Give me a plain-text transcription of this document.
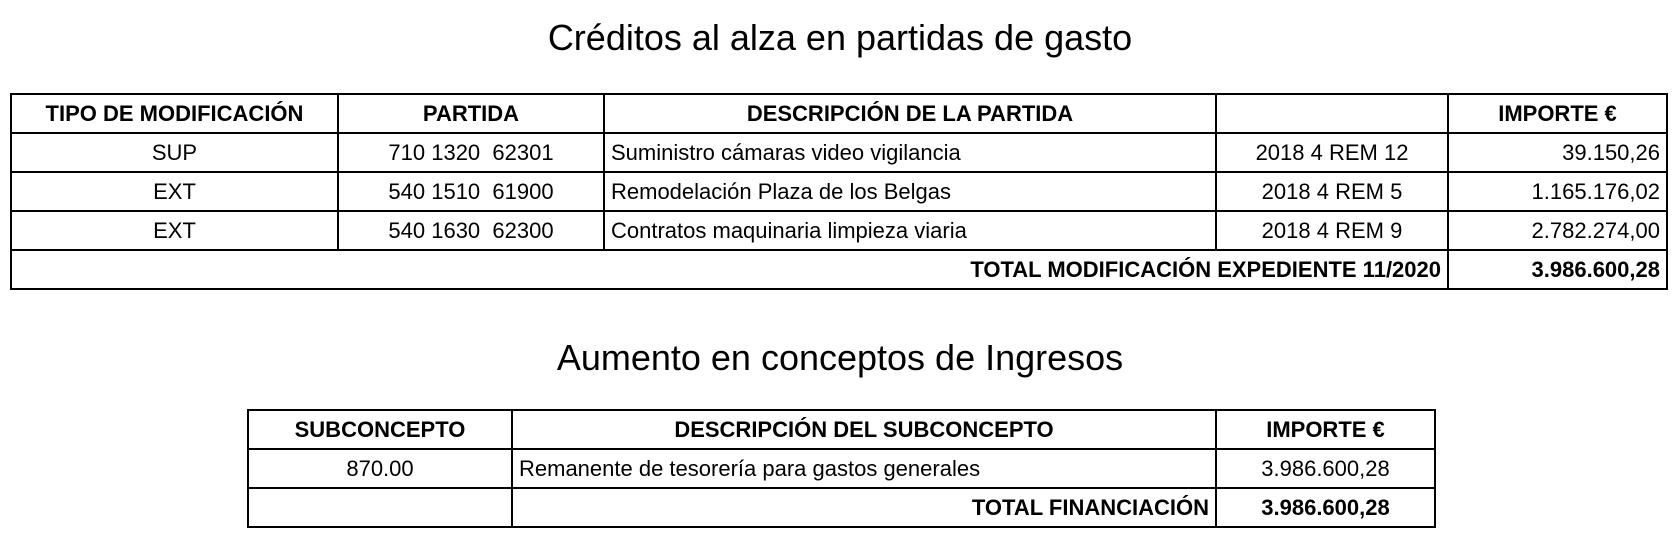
Créditos al alza en partidas de gasto
TIPO DE MODIFICACIÓN	PARTIDA	DESCRIPCIÓN DE LA PARTIDA		IMPORTE €
SUP	710 1320  62301	Suministro cámaras video vigilancia	2018 4 REM 12	39.150,26
EXT	540 1510  61900	Remodelación Plaza de los Belgas	2018 4 REM 5	1.165.176,02
EXT	540 1630  62300	Contratos maquinaria limpieza viaria	2018 4 REM 9	2.782.274,00
TOTAL MODIFICACIÓN EXPEDIENTE 11/2020				3.986.600,28
Aumento en conceptos de Ingresos
SUBCONCEPTO	DESCRIPCIÓN DEL SUBCONCEPTO	IMPORTE €
870.00	Remanente de tesorería para gastos generales	3.986.600,28
	TOTAL FINANCIACIÓN	3.986.600,28
